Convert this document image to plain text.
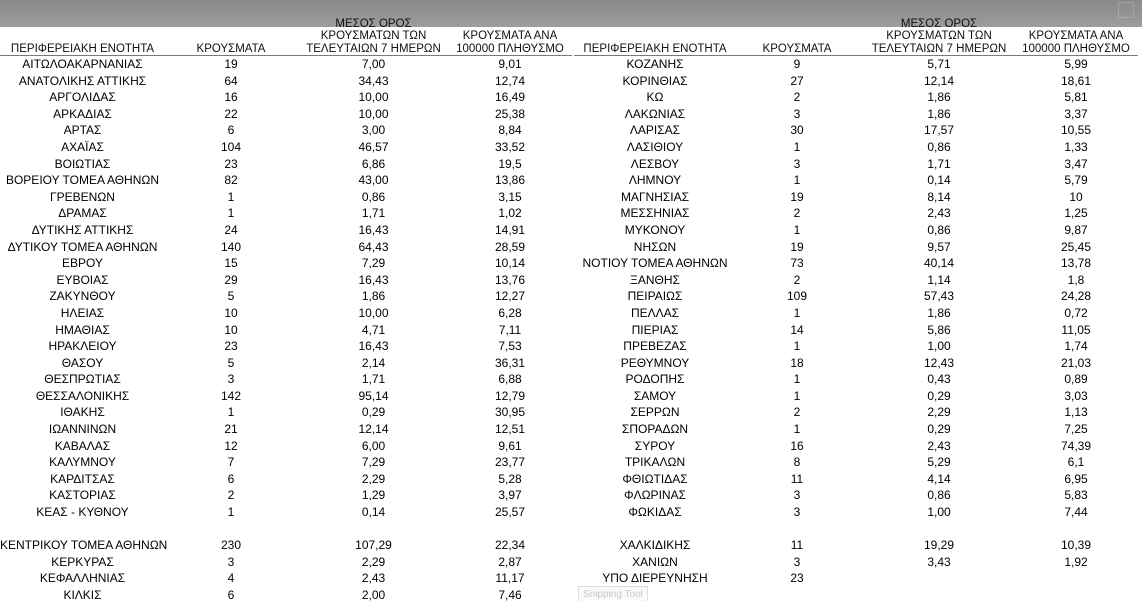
ΠΕΡΙΦΕΡΕΙΑΚΗ ΕΝΟΤΗΤΑ	ΚΡΟΥΣΜΑΤΑ
ΜΕΣΟΣ ΟΡΟΣ
ΚΡΟΥΣΜΑΤΩΝ ΤΩΝ
ΤΕΛΕΥΤΑΙΩΝ 7 ΗΜΕΡΩΝ
ΚΡΟΥΣΜΑΤΑ ΑΝΑ
100000 ΠΛΗΘΥΣΜΟ
ΑΙΤΩΛΟΑΚΑΡΝΑΝΙΑΣ	19	7,00	9,01
ΑΝΑΤΟΛΙΚΗΣ ΑΤΤΙΚΗΣ	64	34,43	12,74
ΑΡΓΟΛΙΔΑΣ	16	10,00	16,49
ΑΡΚΑΔΙΑΣ	22	10,00	25,38
ΑΡΤΑΣ	6	3,00	8,84
ΑΧΑΪΑΣ	104	46,57	33,52
ΒΟΙΩΤΙΑΣ	23	6,86	19,5
ΒΟΡΕΙΟΥ ΤΟΜΕΑ ΑΘΗΝΩΝ	82	43,00	13,86
ΓΡΕΒΕΝΩΝ	1	0,86	3,15
ΔΡΑΜΑΣ	1	1,71	1,02
ΔΥΤΙΚΗΣ ΑΤΤΙΚΗΣ	24	16,43	14,91
ΔΥΤΙΚΟΥ ΤΟΜΕΑ ΑΘΗΝΩΝ	140	64,43	28,59
ΕΒΡΟΥ	15	7,29	10,14
ΕΥΒΟΙΑΣ	29	16,43	13,76
ΖΑΚΥΝΘΟΥ	5	1,86	12,27
ΗΛΕΙΑΣ	10	10,00	6,28
ΗΜΑΘΙΑΣ	10	4,71	7,11
ΗΡΑΚΛΕΙΟΥ	23	16,43	7,53
ΘΑΣΟΥ	5	2,14	36,31
ΘΕΣΠΡΩΤΙΑΣ	3	1,71	6,88
ΘΕΣΣΑΛΟΝΙΚΗΣ	142	95,14	12,79
ΙΘΑΚΗΣ	1	0,29	30,95
ΙΩΑΝΝΙΝΩΝ	21	12,14	12,51
ΚΑΒΑΛΑΣ	12	6,00	9,61
ΚΑΛΥΜΝΟΥ	7	7,29	23,77
ΚΑΡΔΙΤΣΑΣ	6	2,29	5,28
ΚΑΣΤΟΡΙΑΣ	2	1,29	3,97
ΚΕΑΣ - ΚΥΘΝΟΥ	1	0,14	25,57
ΚΕΝΤΡΙΚΟΥ ΤΟΜΕΑ ΑΘΗΝΩΝ	230	107,29	22,34
ΚΕΡΚΥΡΑΣ	3	2,29	2,87
ΚΕΦΑΛΛΗΝΙΑΣ	4	2,43	11,17
ΚΙΛΚΙΣ	6	2,00	7,46
ΠΕΡΙΦΕΡΕΙΑΚΗ ΕΝΟΤΗΤΑ	ΚΡΟΥΣΜΑΤΑ
ΜΕΣΟΣ ΟΡΟΣ
ΚΡΟΥΣΜΑΤΩΝ ΤΩΝ
ΤΕΛΕΥΤΑΙΩΝ 7 ΗΜΕΡΩΝ
ΚΡΟΥΣΜΑΤΑ ΑΝΑ
100000 ΠΛΗΘΥΣΜΟ
ΚΟΖΑΝΗΣ	9	5,71	5,99
ΚΟΡΙΝΘΙΑΣ	27	12,14	18,61
ΚΩ	2	1,86	5,81
ΛΑΚΩΝΙΑΣ	3	1,86	3,37
ΛΑΡΙΣΑΣ	30	17,57	10,55
ΛΑΣΙΘΙΟΥ	1	0,86	1,33
ΛΕΣΒΟΥ	3	1,71	3,47
ΛΗΜΝΟΥ	1	0,14	5,79
ΜΑΓΝΗΣΙΑΣ	19	8,14	10
ΜΕΣΣΗΝΙΑΣ	2	2,43	1,25
ΜΥΚΟΝΟΥ	1	0,86	9,87
ΝΗΣΩΝ	19	9,57	25,45
ΝΟΤΙΟΥ ΤΟΜΕΑ ΑΘΗΝΩΝ	73	40,14	13,78
ΞΑΝΘΗΣ	2	1,14	1,8
ΠΕΙΡΑΙΩΣ	109	57,43	24,28
ΠΕΛΛΑΣ	1	1,86	0,72
ΠΙΕΡΙΑΣ	14	5,86	11,05
ΠΡΕΒΕΖΑΣ	1	1,00	1,74
ΡΕΘΥΜΝΟΥ	18	12,43	21,03
ΡΟΔΟΠΗΣ	1	0,43	0,89
ΣΑΜΟΥ	1	0,29	3,03
ΣΕΡΡΩΝ	2	2,29	1,13
ΣΠΟΡΑΔΩΝ	1	0,29	7,25
ΣΥΡΟΥ	16	2,43	74,39
ΤΡΙΚΑΛΩΝ	8	5,29	6,1
ΦΘΙΩΤΙΔΑΣ	11	4,14	6,95
ΦΛΩΡΙΝΑΣ	3	0,86	5,83
ΦΩΚΙΔΑΣ	3	1,00	7,44
ΧΑΛΚΙΔΙΚΗΣ	11	19,29	10,39
ΧΑΝΙΩΝ	3	3,43	1,92
ΥΠΟ ΔΙΕΡΕΥΝΗΣΗ	23
Snipping Tool
